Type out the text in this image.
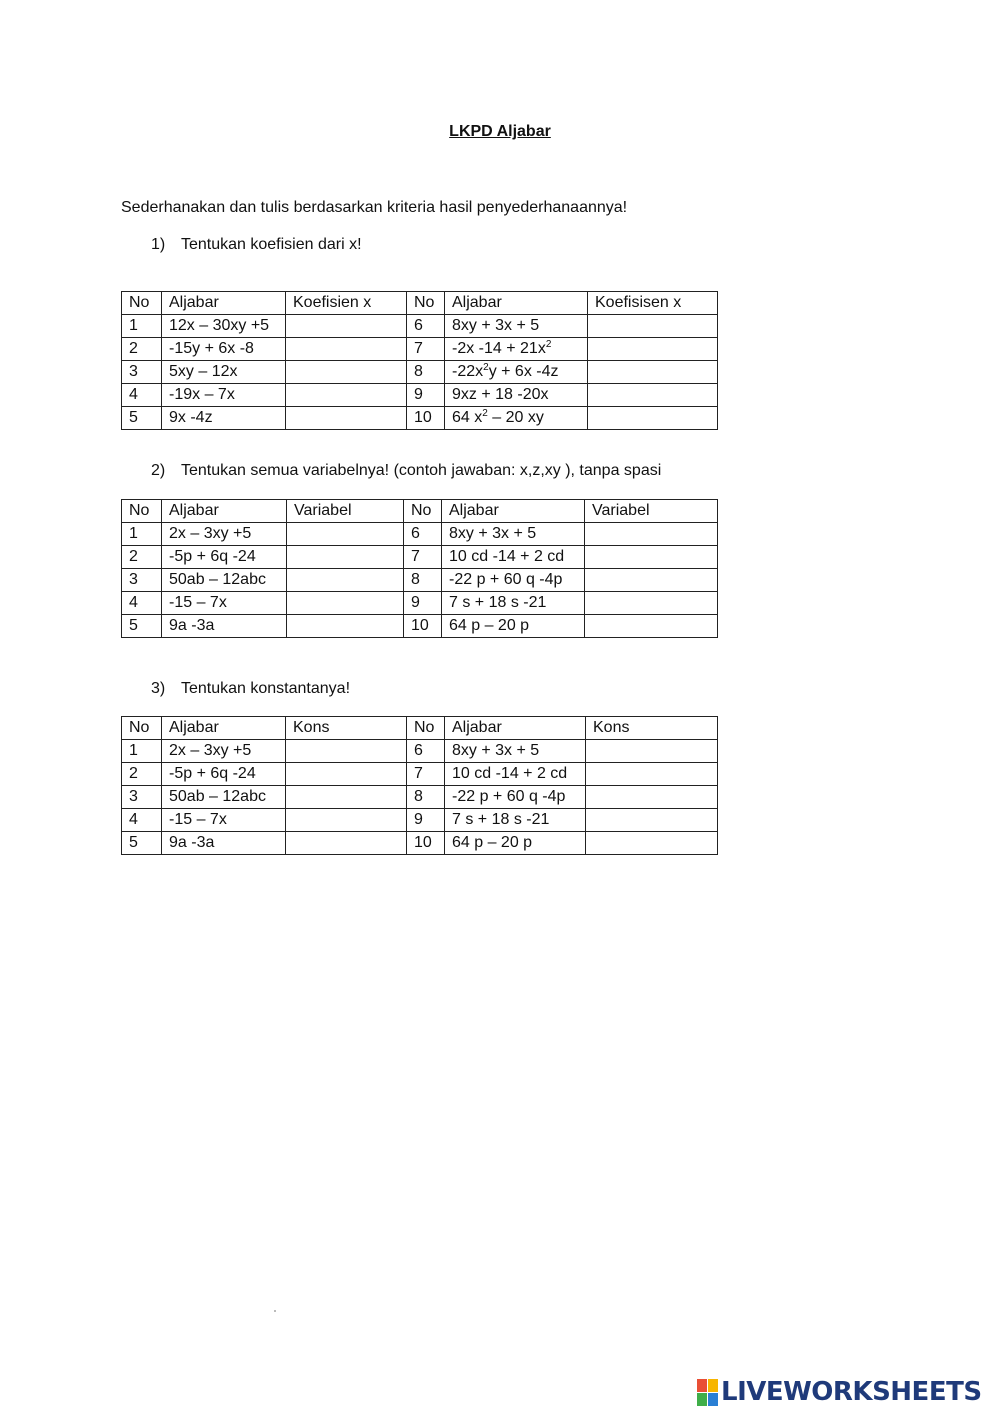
LKPD Aljabar
Sederhanakan dan tulis berdasarkan kriteria hasil penyederhanaannya!
1) Tentukan koefisien dari x!
No	Aljabar	Koefisien x	No	Aljabar	Koefisisen x
1	12x – 30xy +5		6	8xy + 3x + 5	
2	-15y + 6x -8		7	-2x $-14 + 21x^2$	
3	5xy – 12x		8	$-22x^2y + 6x$ -4z	
4	-19x – 7x		9	9xz + 18 -20x	
5	9x -4z		10	64 $x^2 - 20$ xy	
2) Tentukan semua variabelnya! (contoh jawaban: x,z,xy ), tanpa spasi
No	Aljabar	Variabel	No	Aljabar	Variabel
1	2x – 3xy +5		6	8xy + 3x + 5	
2	-5p + 6q -24		7	10 cd -14 + 2 cd	
3	50ab – 12abc		8	-22 p + 60 q -4p	
4	-15 – 7x		9	7 s + 18 s -21	
5	9a -3a		10	64 p – 20 p	
3) Tentukan konstantanya!
No	Aljabar	Kons	No	Aljabar	Kons
1	2x – 3xy +5		6	8xy + 3x + 5	
2	-5p + 6q -24		7	10 cd -14 + 2 cd	
3	50ab – 12abc		8	-22 p + 60 q -4p	
4	-15 – 7x		9	7 s + 18 s -21	
5	9a -3a		10	64 p – 20 p	
LIVEWORKSHEETS
